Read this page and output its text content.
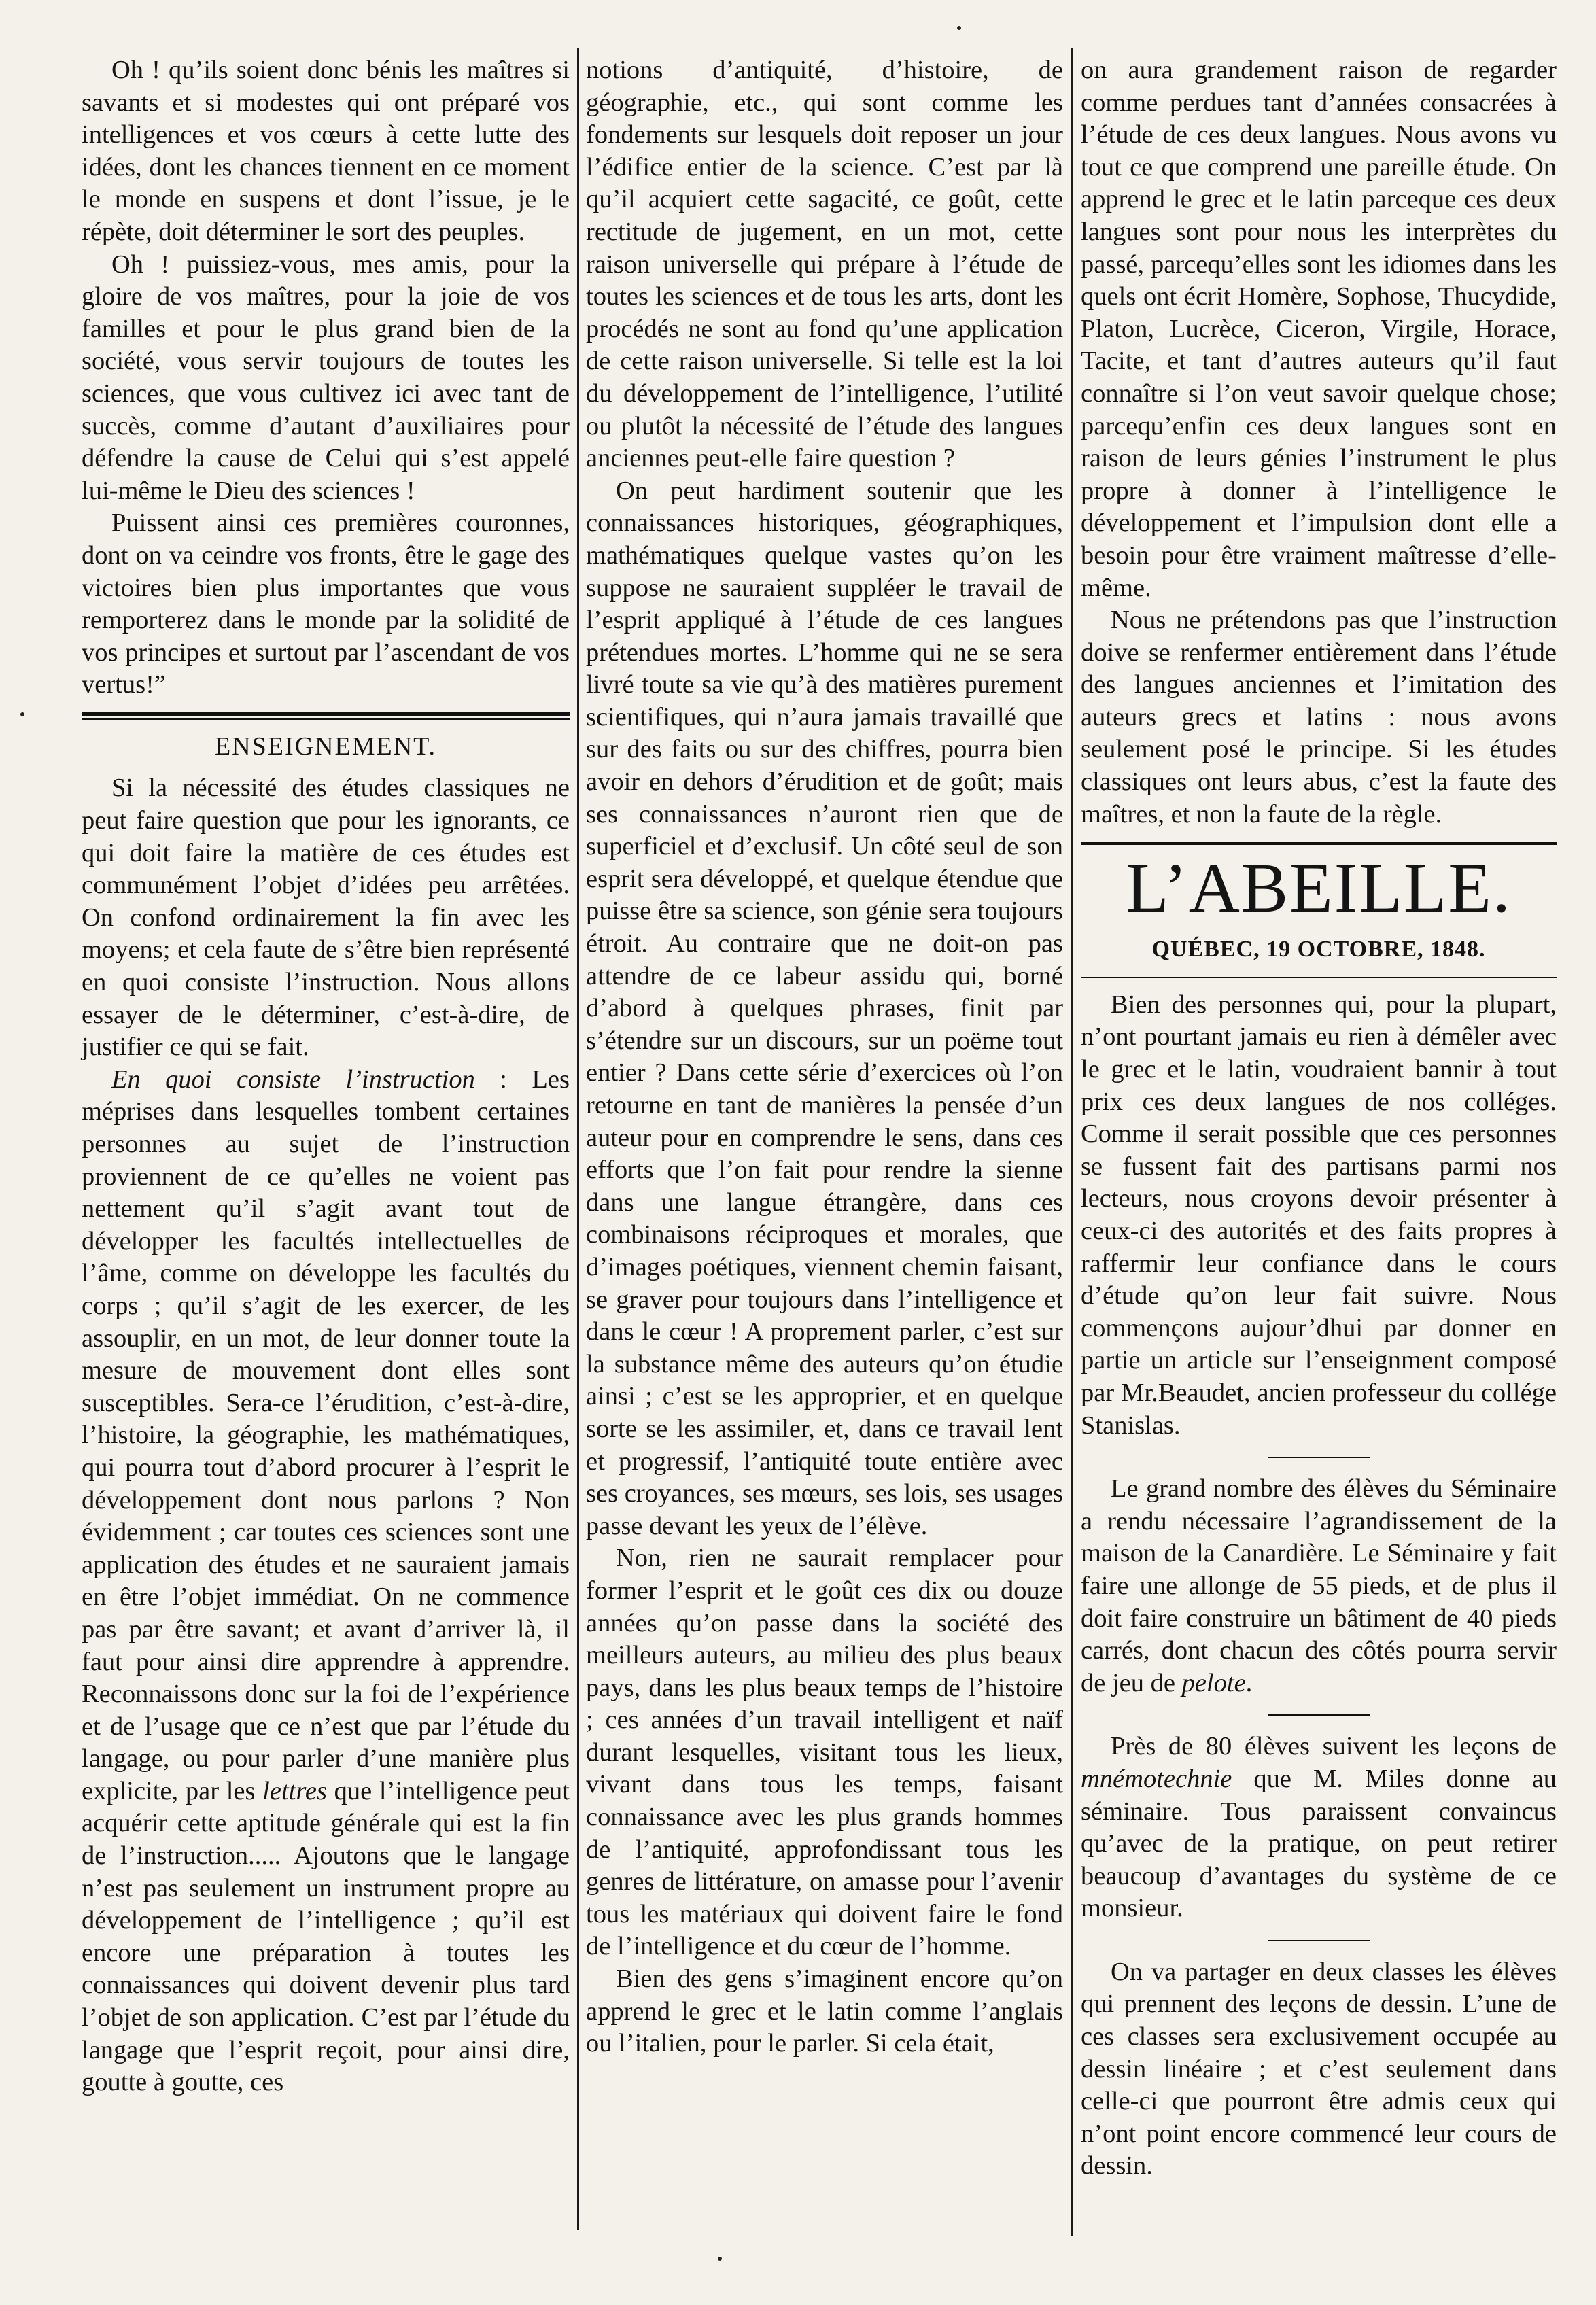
Oh ! qu’ils soient donc bénis les maîtres si savants et si modestes qui ont préparé vos intelligences et vos cœurs à cette lutte des idées, dont les chances tiennent en ce moment le monde en suspens et dont l’issue, je le répète, doit déterminer le sort des peuples.

Oh ! puissiez-vous, mes amis, pour la gloire de vos maîtres, pour la joie de vos familles et pour le plus grand bien de la société, vous servir toujours de toutes les sciences, que vous cultivez ici avec tant de succès, comme d’autant d’auxiliaires pour défendre la cause de Celui qui s’est appelé lui-même le Dieu des sciences !

Puissent ainsi ces premières couronnes, dont on va ceindre vos fronts, être le gage des victoires bien plus importantes que vous remporterez dans le monde par la solidité de vos principes et surtout par l’ascendant de vos vertus!”

ENSEIGNEMENT.

Si la nécessité des études classiques ne peut faire question que pour les ignorants, ce qui doit faire la matière de ces études est communément l’objet d’idées peu arrêtées. On confond ordinairement la fin avec les moyens; et cela faute de s’être bien représenté en quoi consiste l’instruction. Nous allons essayer de le déterminer, c’est-à-dire, de justifier ce qui se fait.

En quoi consiste l’instruction : Les méprises dans lesquelles tombent certaines personnes au sujet de l’instruction proviennent de ce qu’elles ne voient pas nettement qu’il s’agit avant tout de développer les facultés intellectuelles de l’âme, comme on développe les facultés du corps ; qu’il s’agit de les exercer, de les assouplir, en un mot, de leur donner toute la mesure de mouvement dont elles sont susceptibles. Sera-ce l’érudition, c’est-à-dire, l’histoire, la géographie, les mathématiques, qui pourra tout d’abord procurer à l’esprit le développement dont nous parlons ? Non évidemment ; car toutes ces sciences sont une application des études et ne sauraient jamais en être l’objet immédiat. On ne commence pas par être savant; et avant d’arriver là, il faut pour ainsi dire apprendre à apprendre. Reconnaissons donc sur la foi de l’expérience et de l’usage que ce n’est que par l’étude du langage, ou pour parler d’une manière plus explicite, par les lettres que l’intelligence peut acquérir cette aptitude générale qui est la fin de l’instruction..... Ajoutons que le langage n’est pas seulement un instrument propre au développement de l’intelligence ; qu’il est encore une préparation à toutes les connaissances qui doivent devenir plus tard l’objet de son application. C’est par l’étude du langage que l’esprit reçoit, pour ainsi dire, goutte à goutte, ces

notions d’antiquité, d’histoire, de géographie, etc., qui sont comme les fondements sur lesquels doit reposer un jour l’édifice entier de la science. C’est par là qu’il acquiert cette sagacité, ce goût, cette rectitude de jugement, en un mot, cette raison universelle qui prépare à l’étude de toutes les sciences et de tous les arts, dont les procédés ne sont au fond qu’une application de cette raison universelle. Si telle est la loi du développement de l’intelligence, l’utilité ou plutôt la nécessité de l’étude des langues anciennes peut-elle faire question ?

On peut hardiment soutenir que les connaissances historiques, géographiques, mathématiques quelque vastes qu’on les suppose ne sauraient suppléer le travail de l’esprit appliqué à l’étude de ces langues prétendues mortes. L’homme qui ne se sera livré toute sa vie qu’à des matières purement scientifiques, qui n’aura jamais travaillé que sur des faits ou sur des chiffres, pourra bien avoir en dehors d’érudition et de goût; mais ses connaissances n’auront rien que de superficiel et d’exclusif. Un côté seul de son esprit sera développé, et quelque étendue que puisse être sa science, son génie sera toujours étroit. Au contraire que ne doit-on pas attendre de ce labeur assidu qui, borné d’abord à quelques phrases, finit par s’étendre sur un discours, sur un poëme tout entier ? Dans cette série d’exercices où l’on retourne en tant de manières la pensée d’un auteur pour en comprendre le sens, dans ces efforts que l’on fait pour rendre la sienne dans une langue étrangère, dans ces combinaisons réciproques et morales, que d’images poétiques, viennent chemin faisant, se graver pour toujours dans l’intelligence et dans le cœur ! A proprement parler, c’est sur la substance même des auteurs qu’on étudie ainsi ; c’est se les approprier, et en quelque sorte se les assimiler, et, dans ce travail lent et progressif, l’antiquité toute entière avec ses croyances, ses mœurs, ses lois, ses usages passe devant les yeux de l’élève.

Non, rien ne saurait remplacer pour former l’esprit et le goût ces dix ou douze années qu’on passe dans la société des meilleurs auteurs, au milieu des plus beaux pays, dans les plus beaux temps de l’histoire ; ces années d’un travail intelligent et naïf durant lesquelles, visitant tous les lieux, vivant dans tous les temps, faisant connaissance avec les plus grands hommes de l’antiquité, approfondissant tous les genres de littérature, on amasse pour l’avenir tous les matériaux qui doivent faire le fond de l’intelligence et du cœur de l’homme.

Bien des gens s’imaginent encore qu’on apprend le grec et le latin comme l’anglais ou l’italien, pour le parler. Si cela était,

on aura grandement raison de regarder comme perdues tant d’années consacrées à l’étude de ces deux langues. Nous avons vu tout ce que comprend une pareille étude. On apprend le grec et le latin parceque ces deux langues sont pour nous les interprètes du passé, parcequ’elles sont les idiomes dans les quels ont écrit Homère, Sophose, Thucydide, Platon, Lucrèce, Ciceron, Virgile, Horace, Tacite, et tant d’autres auteurs qu’il faut connaître si l’on veut savoir quelque chose; parcequ’enfin ces deux langues sont en raison de leurs génies l’instrument le plus propre à donner à l’intelligence le développement et l’impulsion dont elle a besoin pour être vraiment maîtresse d’elle-même.

Nous ne prétendons pas que l’instruction doive se renfermer entièrement dans l’étude des langues anciennes et l’imitation des auteurs grecs et latins : nous avons seulement posé le principe. Si les études classiques ont leurs abus, c’est la faute des maîtres, et non la faute de la règle.

L’ABEILLE.
QUÉBEC, 19 OCTOBRE, 1848.

Bien des personnes qui, pour la plupart, n’ont pourtant jamais eu rien à démêler avec le grec et le latin, voudraient bannir à tout prix ces deux langues de nos colléges. Comme il serait possible que ces personnes se fussent fait des partisans parmi nos lecteurs, nous croyons devoir présenter à ceux-ci des autorités et des faits propres à raffermir leur confiance dans le cours d’étude qu’on leur fait suivre. Nous commençons aujour’dhui par donner en partie un article sur l’enseignment composé par Mr.Beaudet, ancien professeur du collége Stanislas.

Le grand nombre des élèves du Séminaire a rendu nécessaire l’agrandissement de la maison de la Canardière. Le Séminaire y fait faire une allonge de 55 pieds, et de plus il doit faire construire un bâtiment de 40 pieds carrés, dont chacun des côtés pourra servir de jeu de pelote.

Près de 80 élèves suivent les leçons de mnémotechnie que M. Miles donne au séminaire. Tous paraissent convaincus qu’avec de la pratique, on peut retirer beaucoup d’avantages du système de ce monsieur.

On va partager en deux classes les élèves qui prennent des leçons de dessin. L’une de ces classes sera exclusivement occupée au dessin linéaire ; et c’est seulement dans celle-ci que pourront être admis ceux qui n’ont point encore commencé leur cours de dessin.
